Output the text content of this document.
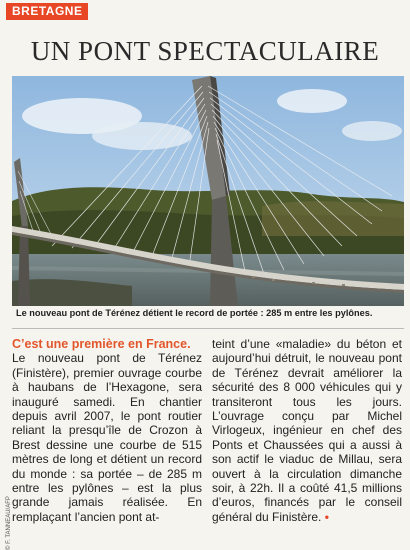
BRETAGNE
UN PONT SPECTACULAIRE
© F. TANNEAU/AFP
Le nouveau pont de Térénez détient le record de portée : 285 m entre les pylônes.
C’est une première en France.
Le nouveau pont de Térénez (Finistère), premier ouvrage courbe à haubans de l’Hexagone, sera inauguré samedi. En chantier depuis avril 2007, le pont routier reliant la presqu’île de Crozon à Brest dessine une courbe de 515 mètres de long et détient un record du monde : sa portée – de 285 m entre les pylônes – est la plus grande jamais réalisée. En remplaçant l’ancien pont at-
teint d’une «maladie» du béton et aujourd’hui détruit, le nouveau pont de Térénez devrait améliorer la sécurité des 8 000 véhicules qui y transiteront tous les jours. L’ouvrage conçu par Michel Virlogeux, ingénieur en chef des Ponts et Chaussées qui a aussi à son actif le viaduc de Millau, sera ouvert à la circulation dimanche soir, à 22h. Il a coûté 41,5 millions d’euros, financés par le conseil général du Finistère. •
